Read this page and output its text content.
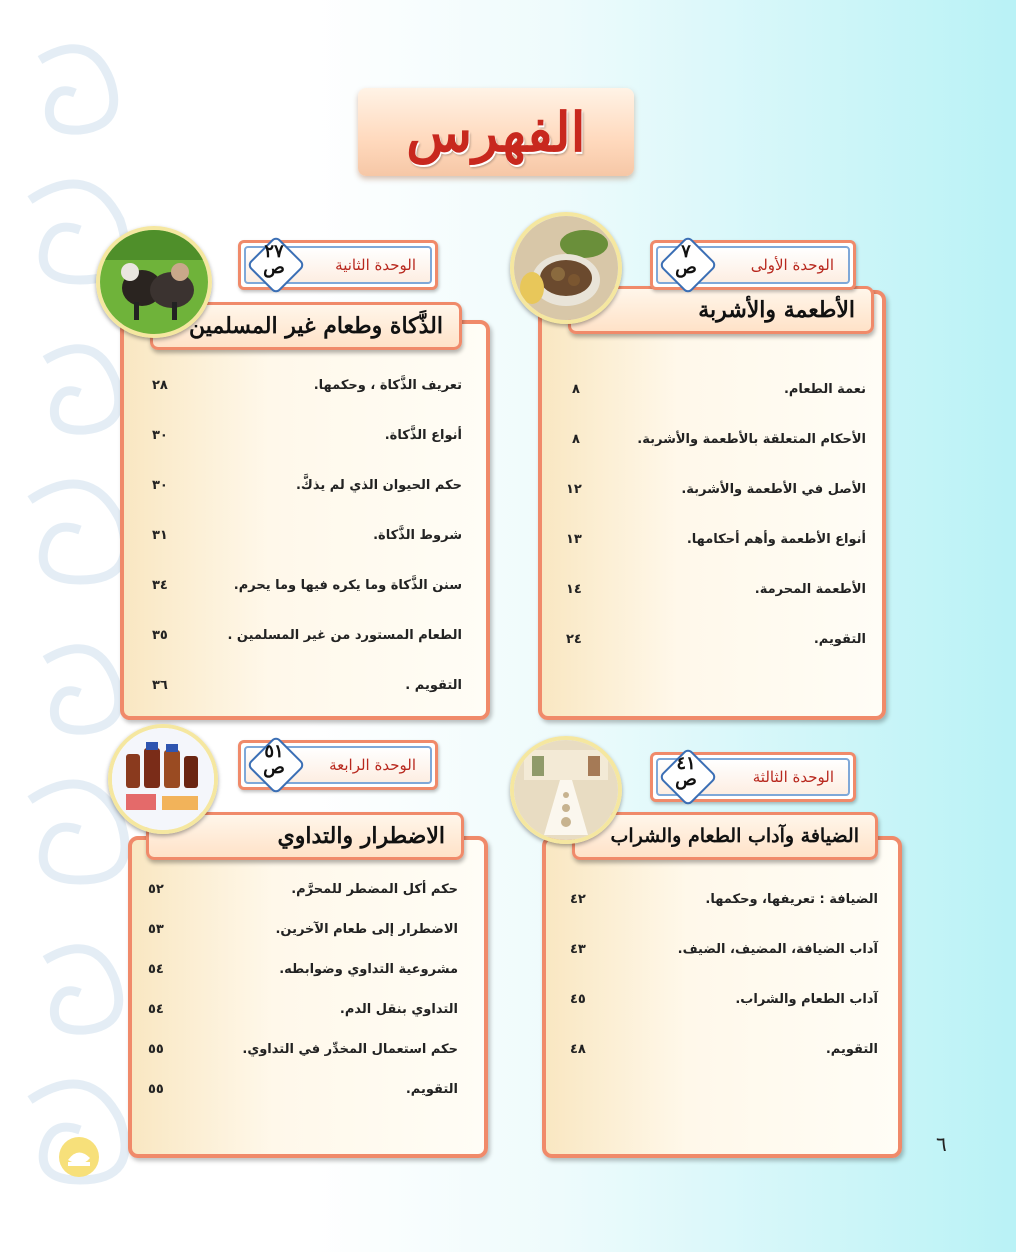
الفهرس
الأطعمة والأشربة
الوحدة الأولى
٧
ص
نعمة الطعام.
٨
الأحكام المتعلقة بالأطعمة والأشربة.
٨
الأصل في الأطعمة والأشربة.
١٢
أنواع الأطعمة وأهم أحكامها.
١٣
الأطعمة المحرمة.
١٤
التقويم.
٢٤
الذَّكاة وطعام غير المسلمين
الوحدة الثانية
٢٧
ص
تعريف الذَّكاة ، وحكمها.
٢٨
أنواع الذَّكاة.
٣٠
حكم الحيوان الذي لم يذكَّ.
٣٠
شروط الذَّكاة.
٣١
سنن الذَّكاة وما يكره فيها وما يحرم.
٣٤
الطعام المستورد من غير المسلمين .
٣٥
التقويم .
٣٦
الضيافة وآداب الطعام والشراب
الوحدة الثالثة
٤١
ص
الضيافة : تعريفها، وحكمها.
٤٢
آداب الضيافة، المضيف، الضيف.
٤٣
آداب الطعام والشراب.
٤٥
التقويم.
٤٨
الاضطرار والتداوي
الوحدة الرابعة
٥١
ص
حكم أكل المضطر للمحرَّم.
٥٢
الاضطرار إلى طعام الآخرين.
٥٣
مشروعية التداوي وضوابطه.
٥٤
التداوي بنقل الدم.
٥٤
حكم استعمال المخدِّر في التداوي.
٥٥
التقويم.
٥٥
٦
